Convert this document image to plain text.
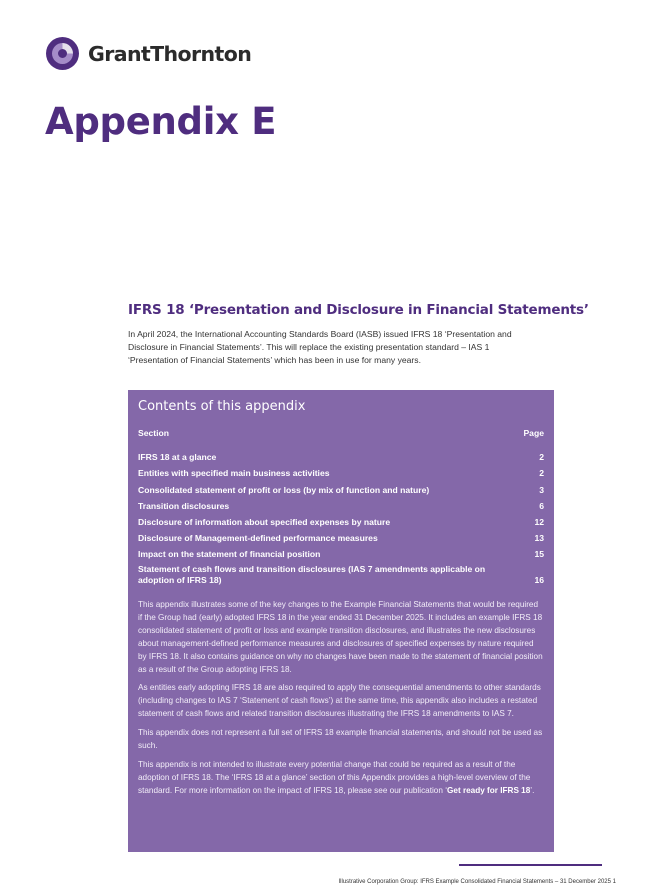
GrantThornton
Appendix E
IFRS 18 ‘Presentation and Disclosure in Financial Statements’

In April 2024, the International Accounting Standards Board (IASB) issued IFRS 18 ‘Presentation and Disclosure in Financial Statements’. This will replace the existing presentation standard – IAS 1 ‘Presentation of Financial Statements’ which has been in use for many years.

Contents of this appendix
Section	Page
IFRS 18 at a glance	2
Entities with specified main business activities	2
Consolidated statement of profit or loss (by mix of function and nature)	3
Transition disclosures	6
Disclosure of information about specified expenses by nature	12
Disclosure of Management-defined performance measures	13
Impact on the statement of financial position	15
Statement of cash flows and transition disclosures (IAS 7 amendments applicable on adoption of IFRS 18)	16

This appendix illustrates some of the key changes to the Example Financial Statements that would be required if the Group had (early) adopted IFRS 18 in the year ended 31 December 2025. It includes an example IFRS 18 consolidated statement of profit or loss and example transition disclosures, and illustrates the new disclosures about management-defined performance measures and disclosures of specified expenses by nature required by IFRS 18. It also contains guidance on why no changes have been made to the statement of financial position as a result of the Group adopting IFRS 18.

As entities early adopting IFRS 18 are also required to apply the consequential amendments to other standards (including changes to IAS 7 ‘Statement of cash flows’) at the same time, this appendix also includes a restated statement of cash flows and related transition disclosures illustrating the IFRS 18 amendments to IAS 7.

This appendix does not represent a full set of IFRS 18 example financial statements, and should not be used as such.

This appendix is not intended to illustrate every potential change that could be required as a result of the adoption of IFRS 18. The ‘IFRS 18 at a glance’ section of this Appendix provides a high-level overview of the standard. For more information on the impact of IFRS 18, please see our publication ‘Get ready for IFRS 18’.

Illustrative Corporation Group: IFRS Example Consolidated Financial Statements – 31 December 2025 1
